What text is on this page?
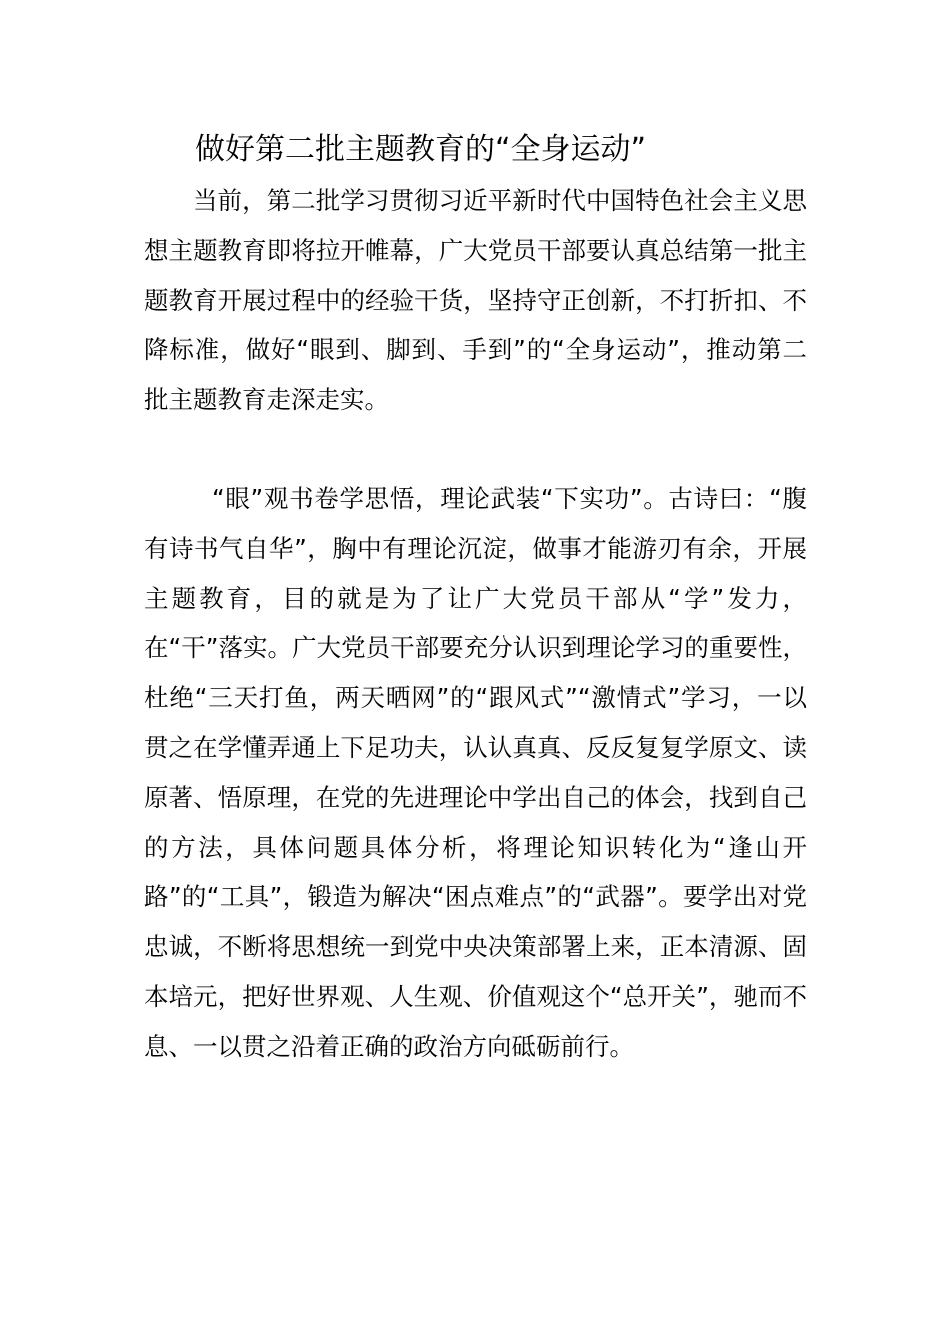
做好第二批主题教育的“全身运动”

当前，第二批学习贯彻习近平新时代中国特色社会主义思想主题教育即将拉开帷幕，广大党员干部要认真总结第一批主题教育开展过程中的经验干货，坚持守正创新，不打折扣、不降标准，做好“眼到、脚到、手到”的“全身运动”，推动第二批主题教育走深走实。

“眼”观书卷学思悟，理论武装“下实功”。古诗曰：“腹有诗书气自华”，胸中有理论沉淀，做事才能游刃有余，开展主题教育，目的就是为了让广大党员干部从“学”发力，在“干”落实。广大党员干部要充分认识到理论学习的重要性，杜绝“三天打鱼，两天晒网”的“跟风式”“激情式”学习，一以贯之在学懂弄通上下足功夫，认认真真、反反复复学原文、读原著、悟原理，在党的先进理论中学出自己的体会，找到自己的方法，具体问题具体分析，将理论知识转化为“逢山开路”的“工具”，锻造为解决“困点难点”的“武器”。要学出对党忠诚，不断将思想统一到党中央决策部署上来，正本清源、固本培元，把好世界观、人生观、价值观这个“总开关”，驰而不息、一以贯之沿着正确的政治方向砥砺前行。
